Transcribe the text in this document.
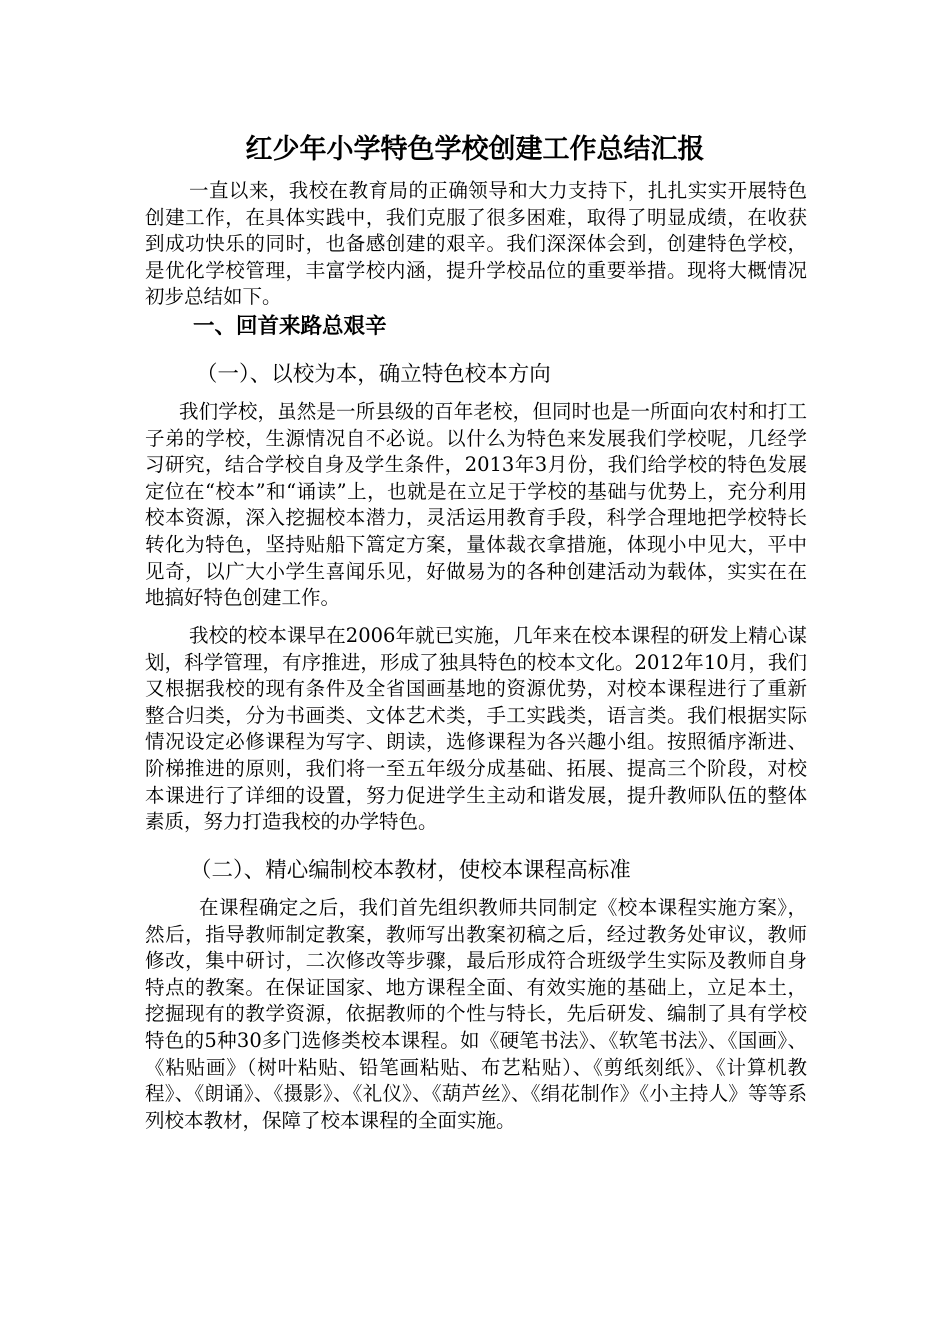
红少年小学特色学校创建工作总结汇报

一直以来，我校在教育局的正确领导和大力支持下，扎扎实实开展特色创建工作，在具体实践中，我们克服了很多困难，取得了明显成绩，在收获到成功快乐的同时，也备感创建的艰辛。我们深深体会到，创建特色学校，是优化学校管理，丰富学校内涵，提升学校品位的重要举措。现将大概情况初步总结如下。

一、回首来路总艰辛
（一）、以校为本，确立特色校本方向

我们学校，虽然是一所县级的百年老校，但同时也是一所面向农村和打工子弟的学校，生源情况自不必说。以什么为特色来发展我们学校呢，几经学习研究，结合学校自身及学生条件，2013年3月份，我们给学校的特色发展定位在“校本”和“诵读”上，也就是在立足于学校的基础与优势上，充分利用校本资源，深入挖掘校本潜力，灵活运用教育手段，科学合理地把学校特长转化为特色，坚持贴船下篙定方案，量体裁衣拿措施，体现小中见大，平中见奇，以广大小学生喜闻乐见，好做易为的各种创建活动为载体，实实在在地搞好特色创建工作。

我校的校本课早在2006年就已实施，几年来在校本课程的研发上精心谋划，科学管理，有序推进，形成了独具特色的校本文化。2012年10月，我们又根据我校的现有条件及全省国画基地的资源优势，对校本课程进行了重新整合归类，分为书画类、文体艺术类，手工实践类，语言类。我们根据实际情况设定必修课程为写字、朗读，选修课程为各兴趣小组。按照循序渐进、阶梯推进的原则，我们将一至五年级分成基础、拓展、提高三个阶段，对校本课进行了详细的设置，努力促进学生主动和谐发展，提升教师队伍的整体素质，努力打造我校的办学特色。

（二）、精心编制校本教材，使校本课程高标准

在课程确定之后，我们首先组织教师共同制定《校本课程实施方案》，然后，指导教师制定教案，教师写出教案初稿之后，经过教务处审议，教师修改，集中研讨，二次修改等步骤，最后形成符合班级学生实际及教师自身特点的教案。在保证国家、地方课程全面、有效实施的基础上，立足本土，挖掘现有的教学资源，依据教师的个性与特长，先后研发、编制了具有学校特色的5种30多门选修类校本课程。如《硬笔书法》、《软笔书法》、《国画》、《粘贴画》（树叶粘贴、铅笔画粘贴、布艺粘贴）、《剪纸刻纸》、《计算机教程》、《朗诵》、《摄影》、《礼仪》、《葫芦丝》、《绢花制作》《小主持人》等等系列校本教材，保障了校本课程的全面实施。
